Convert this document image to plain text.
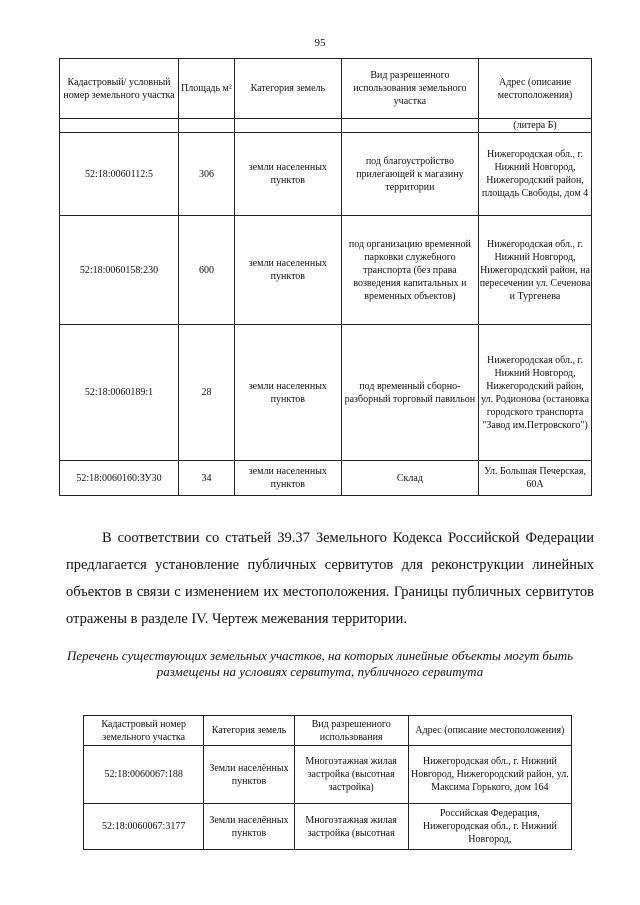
95
Кадастровый/ условный номер земельного участка	Площадь м²	Категория земель	Вид разрешенного использования земельного участка	Адрес (описание местоположения)
				(литера Б)
52:18:0060112:5	306	земли населенных пунктов	под благоустройство прилегающей к магазину территории	Нижегородская обл., г. Нижний Новгород, Нижегородский район, площадь Свободы, дом 4
52:18:0060158:230	600	земли населенных пунктов	под организацию временной парковки служебного транспорта (без права возведения капитальных и временных объектов)	Нижегородская обл., г. Нижний Новгород, Нижегородский район, на пересечении ул. Сеченова и Тургенева
52:18:0060189:1	28	земли населенных пунктов	под временный сборно-разборный торговый павильон	Нижегородская обл., г. Нижний Новгород, Нижегородский район, ул. Родионова (остановка городского транспорта "Завод им.Петровского")
52:18:0060160:ЗУ30	34	земли населенных пунктов	Склад	Ул. Большая Печерская, 60А

В соответствии со статьей 39.37 Земельного Кодекса Российской Федерации предлагается установление публичных сервитутов для реконструкции линейных объектов в связи с изменением их местоположения. Границы публичных сервитутов отражены в разделе IV. Чертеж межевания территории.

Перечень существующих земельных участков, на которых линейные объекты могут быть размещены на условиях сервитута, публичного сервитута

Кадастровый номер земельного участка	Категория земель	Вид разрешенного использования	Адрес (описание местоположения)
52:18:0060067:188	Земли населённых пунктов	Многоэтажная жилая застройка (высотная застройка)	Нижегородская обл., г. Нижний Новгород, Нижегородский район, ул. Максима Горького, дом 164
52:18:0060067:3177	Земли населённых пунктов	Многоэтажная жилая застройка (высотная	Российская Федерация, Нижегородская обл., г. Нижний Новгород,
